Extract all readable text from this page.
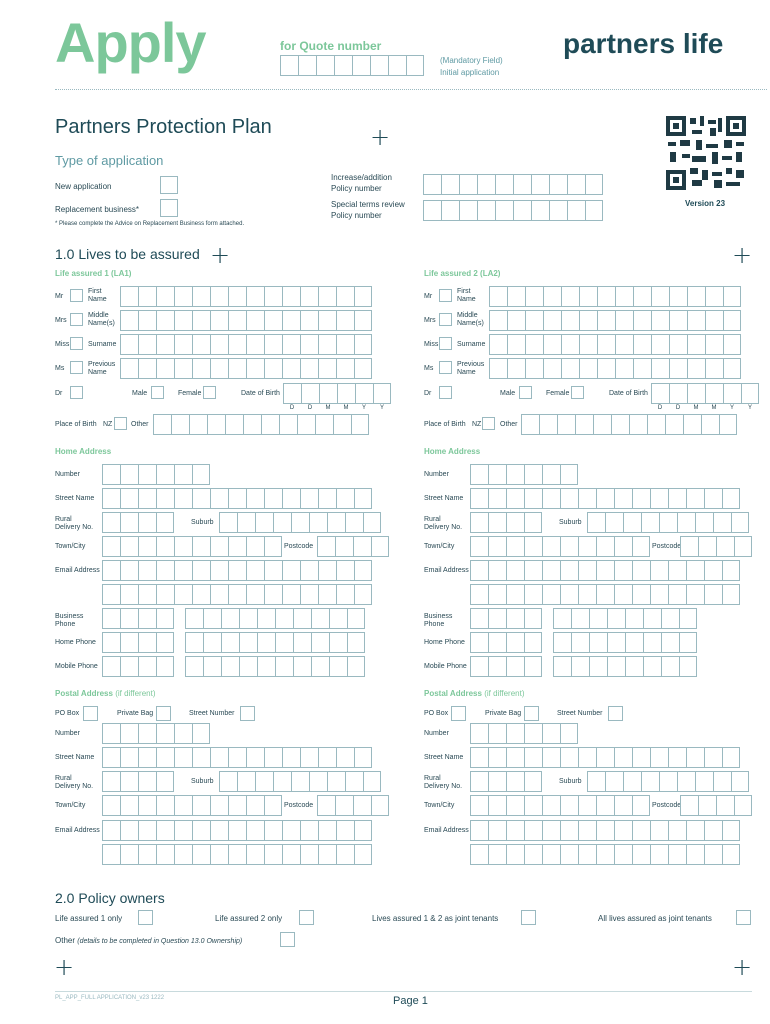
Apply	for Quote number
(Mandatory Field)
Initial application
partners life
Partners Protection Plan	+
Type of application
New application
Replacement business*
* Please complete the Advice on Replacement Business form attached.
Increase/addition
Policy number
Special terms review
Policy number
Version 23
1.0 Lives to be assured +	+
Life assured 1 (LA1)
Mr
First
Name
Mrs
Middle
Name(s)
Miss	Surname
Ms
Previous
Name
Dr	Male	Female	Date of Birth
D	D	M	M	Y	Y
Place of Birth NZ	Other
Home Address
Number
Street Name
Rural
Delivery No.
Suburb
Town/City	Postcode
Email Address
Business
Phone
Home Phone
Mobile Phone
Postal Address (if different)
PO Box	Private Bag	Street Number
Number
Street Name
Rural
Delivery No.
Suburb
Town/City	Postcode
Email Address
Life assured 2 (LA2)
Mr
First
Name
Mrs
Middle
Name(s)
Miss	Surname
Ms
Previous
Name
Dr	Male	Female	Date of Birth
D	D	M	M	Y	Y
Place of Birth NZ	Other
Home Address
Number
Street Name
Rural
Delivery No.
Suburb
Town/City	Postcode
Email Address
Business
Phone
Home Phone
Mobile Phone
Postal Address (if different)
PO Box	Private Bag	Street Number
Number
Street Name
Rural
Delivery No.
Suburb
Town/City	Postcode
Email Address
2.0 Policy owners
Life assured 1 only	Life assured 2 only	Lives assured 1 & 2 as joint tenants	All lives assured as joint tenants
Other (details to be completed in Question 13.0 Ownership)
+	+
PL_APP_FULL APPLICATION_v23 1222	Page 1
